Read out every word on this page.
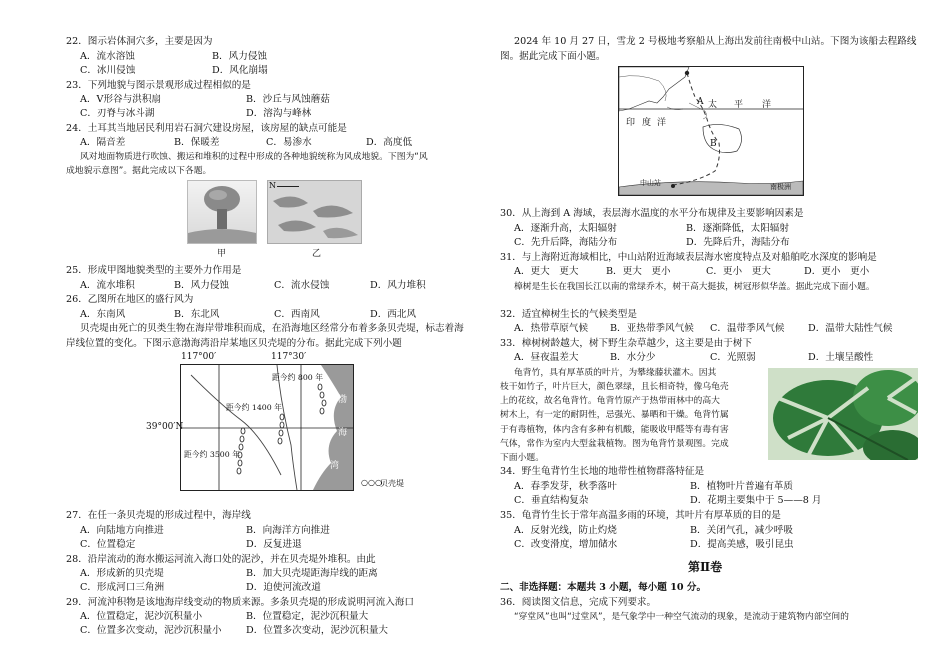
22．图示岩体洞穴多，主要是因为
A．流水溶蚀	B．风力侵蚀
C．冰川侵蚀	D．风化崩塌
23．下列地貌与图示景观形成过程相似的是
A．V形谷与洪积扇	B．沙丘与风蚀蘑菇
C．刃脊与冰斗湖	D．溶沟与峰林
24．土耳其当地居民利用岩石洞穴建设房屋，该房屋的缺点可能是
A．隔音差	B．保暖差	C．易渗水	D．高度低
风对地面物质进行吹蚀、搬运和堆积的过程中形成的各种地貌统称为风成地貌。下图为“风
成地貌示意图”。据此完成以下各题。
甲
N
乙
25．形成甲图地貌类型的主要外力作用是
A．流水堆积	B．风力侵蚀	C．流水侵蚀	D．风力堆积
26．乙图所在地区的盛行风为
A．东南风	B．东北风	C．西南风	D．西北风
贝壳堤由死亡的贝类生物在海岸带堆积而成，在沿海地区经常分布着多条贝壳堤，标志着海
岸线位置的变化。下图示意渤海湾沿岸某地区贝壳堤的分布。据此完成下列小题
117°00′	117°30′
39°00′N
距今约 800 年
距今约 1400 年
距今约 3500 年
渤
海
湾
○○○
贝壳堤
27．在任一条贝壳堤的形成过程中，海岸线
A．向陆地方向推进	B．向海洋方向推进
C．位置稳定	D．反复进退
28．沿岸流动的海水搬运河流入海口处的泥沙，并在贝壳堤外堆积。由此
A．形成新的贝壳堤	B．加大贝壳堤距海岸线的距离
C．形成河口三角洲	D．迫使河流改道
29．河流沖积物是该地海岸线变动的物质来源。多条贝壳堤的形成说明河流入海口
A．位置稳定，泥沙沉积量小	B．位置稳定，泥沙沉积量大
C．位置多次变动，泥沙沉积量小	D．位置多次变动，泥沙沉积量大
2024 年 10 月 27 日，雪龙 2 号极地考察船从上海出发前往南极中山站。下图为该船去程路线
图。据此完成下面小题。
A
B
太 平 洋
印 度 洋
中山站	南极洲
30．从上海到 A 海域，表层海水温度的水平分布规律及主要影响因素是
A．逐渐升高，太阳辐射	B．逐渐降低，太阳辐射
C．先升后降，海陆分布	D．先降后升，海陆分布
31．与上海附近海域相比，中山站附近海域表层海水密度特点及对船舶吃水深度的影响是
A．更大　更大	B．更大　更小	C．更小　更大	D．更小　更小
樟树是生长在我国长江以南的常绿乔木，树干高大挺拔，树冠形似华盖。据此完成下面小题。
32．适宜樟树生长的气候类型是
A．热带草原气候 B．亚热带季风气候 C．温带季风气候 D．温带大陆性气候
33．樟树树龄越大，树下野生杂草越少，这主要是由于树下
A．昼夜温差大	B．水分少	C．光照弱	D．土壤呈酸性
龟背竹，具有厚革质的叶片，为攀缘藤状灌木。因其
枝干如竹子，叶片巨大，颜色翠绿，且长相奇特，像乌龟壳
上的花纹，故名龟背竹。龟背竹原产于热带雨林中的高大
树木上，有一定的耐阴性，忌强光、暴晒和干燥。龟背竹属
于有毒植物，体内含有多种有机酸，能吸收甲醛等有毒有害
气体，常作为室内大型盆栽植物。图为龟背竹景观图。完成
下面小题。
34．野生龟背竹生长地的地带性植物群落特征是
A．春季发芽，秋季落叶	B．植物叶片普遍有革质
C．垂直结构复杂	D．花期主要集中于 5——8 月
35．龟背竹生长于常年高温多雨的环境，其叶片有厚革质的目的是
A．反射光线，防止灼烧	B．关闭气孔，减少呼吸
C．改变滑度，增加储水	D．提高美感，吸引昆虫
第Ⅱ卷
二、非选择题：本题共 3 小题，每小题 10 分。
36．阅读图文信息，完成下列要求。
“穿堂风”也叫“过堂风”，是气象学中一种空气流动的现象，是流动于建筑物内部空间的
